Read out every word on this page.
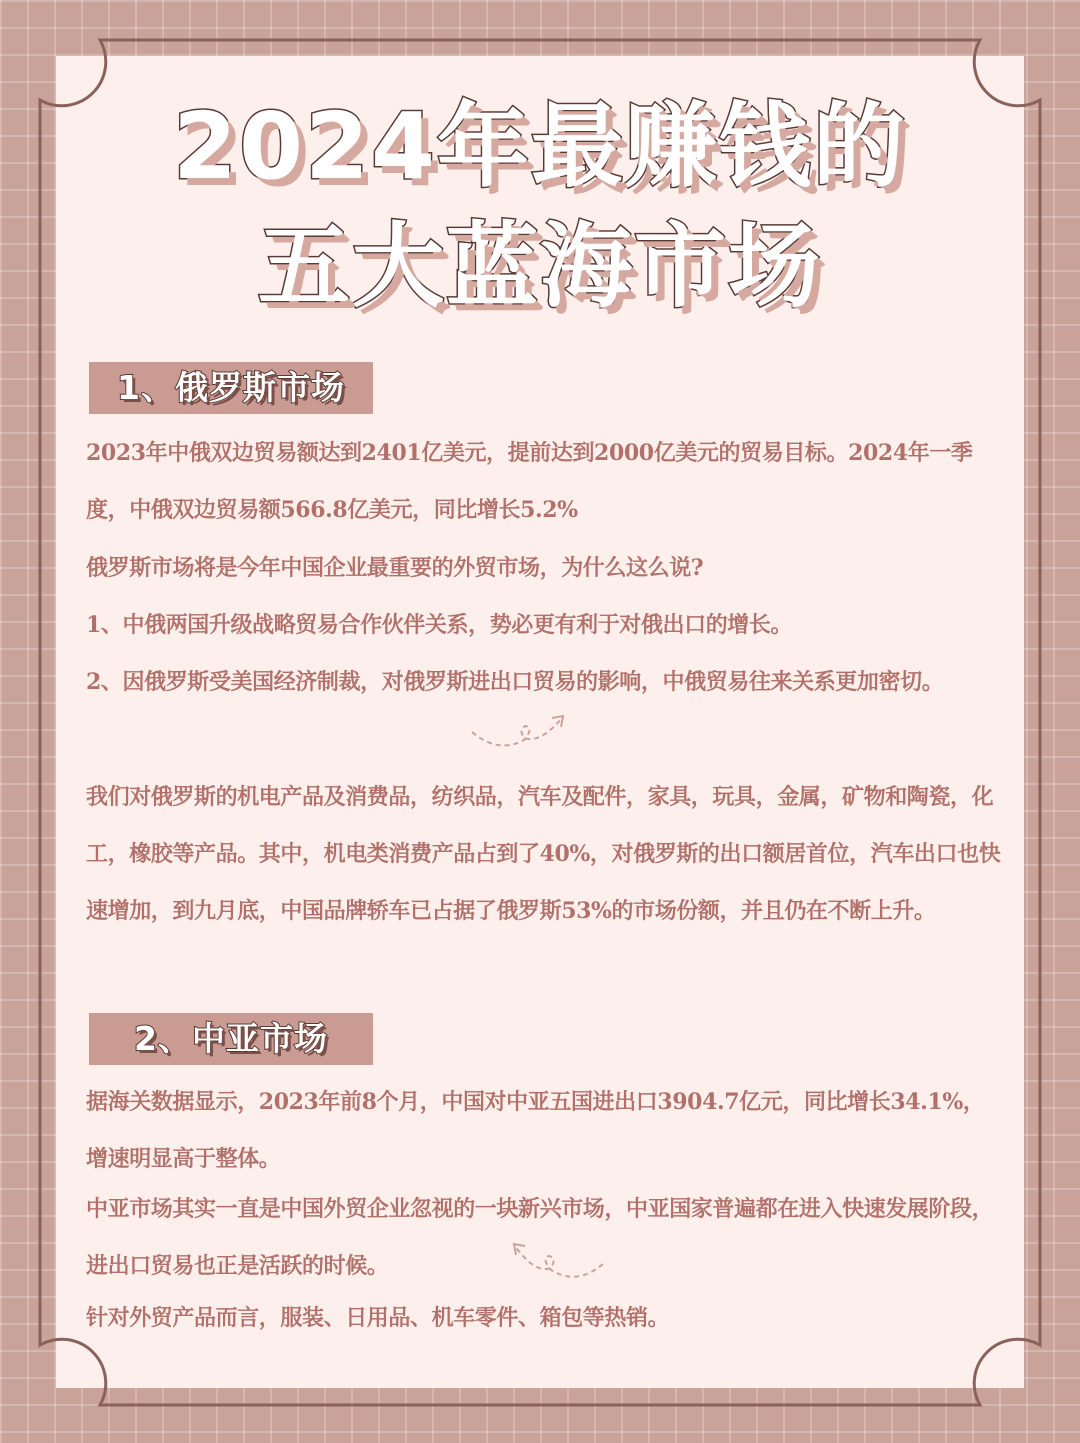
2024年最赚钱的
五大蓝海市场
1、俄罗斯市场

2023年中俄双边贸易额达到2401亿美元，提前达到2000亿美元的贸易目标。2024年一季度，中俄双边贸易额566.8亿美元，同比增长5.2%

俄罗斯市场将是今年中国企业最重要的外贸市场，为什么这么说?

1、中俄两国升级战略贸易合作伙伴关系，势必更有利于对俄出口的增长。

2、因俄罗斯受美国经济制裁，对俄罗斯进出口贸易的影响，中俄贸易往来关系更加密切。

我们对俄罗斯的机电产品及消费品，纺织品，汽车及配件，家具，玩具，金属，矿物和陶瓷，化工，橡胶等产品。其中，机电类消费产品占到了40%，对俄罗斯的出口额居首位，汽车出口也快速增加，到九月底，中国品牌轿车已占据了俄罗斯53%的市场份额，并且仍在不断上升。

2、中亚市场

据海关数据显示，2023年前8个月，中国对中亚五国进出口3904.7亿元，同比增长34.1%，增速明显高于整体。

中亚市场其实一直是中国外贸企业忽视的一块新兴市场，中亚国家普遍都在进入快速发展阶段，进出口贸易也正是活跃的时候。

针对外贸产品而言，服装、日用品、机车零件、箱包等热销。
